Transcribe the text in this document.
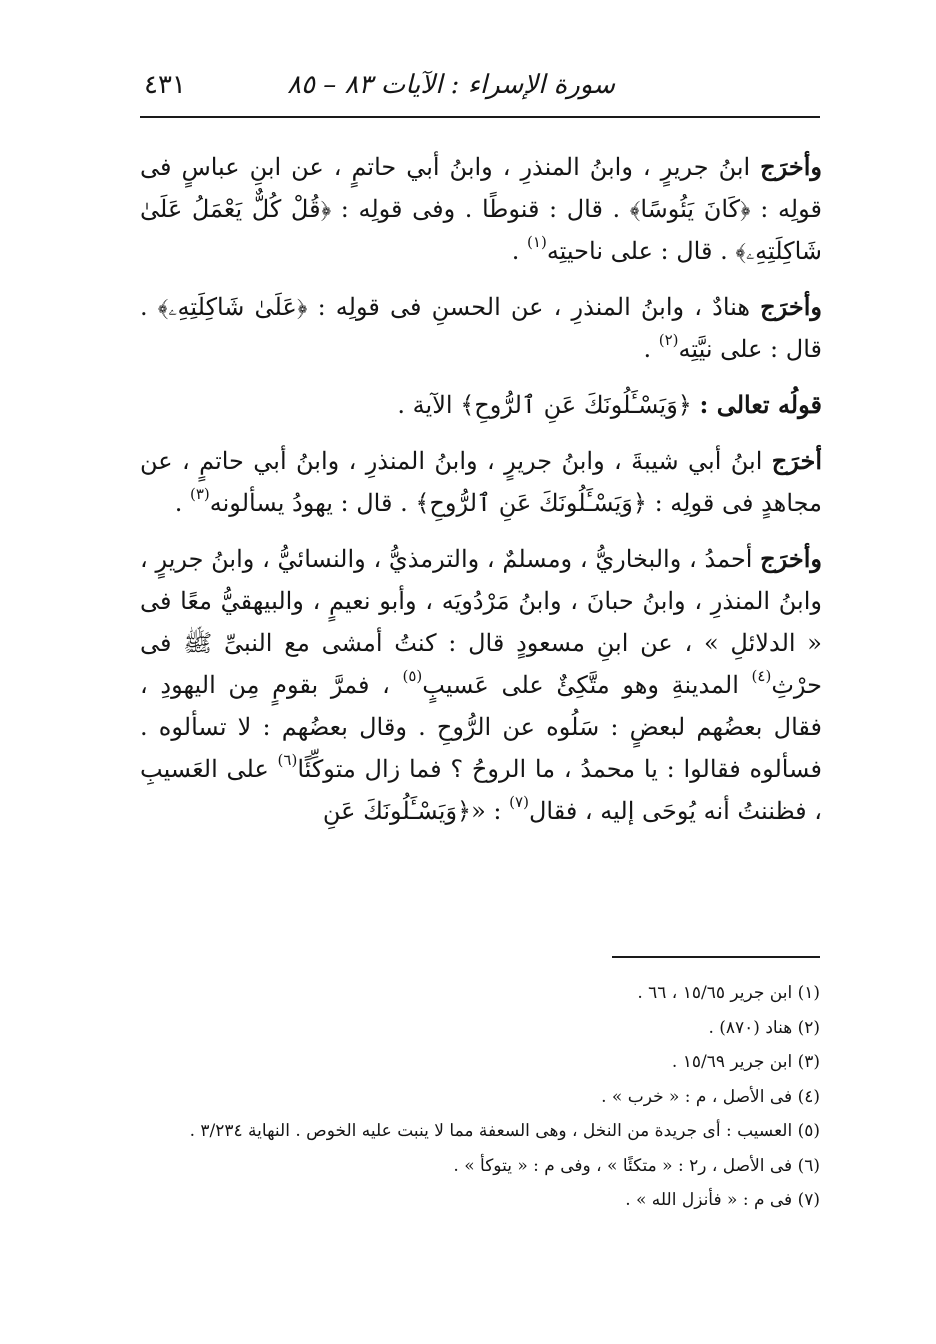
سورة الإسراء : الآيات ٨٣ – ٨٥
٤٣١

وأخرَج ابنُ جريرٍ ، وابنُ المنذرِ ، وابنُ أبي حاتمٍ ، عن ابنِ عباسٍ فى قولِه : ﴿كَانَ يَئُوسًا﴾ . قال : قنوطًا . وفى قولِه : ﴿قُلْ كُلٌّ يَعْمَلُ عَلَىٰ شَاكِلَتِهِۦ﴾ . قال : على ناحيتِه$^{(١)}$ .

وأخرَج هنادٌ ، وابنُ المنذرِ ، عن الحسنِ فى قولِه : ﴿عَلَىٰ شَاكِلَتِهِۦ﴾ . قال : على نيَّتِه$^{(٢)}$ .

قولُه تعالى : ﴿وَيَسْـَٔلُونَكَ عَنِ ٱلرُّوحِ﴾ الآية .

أخرَج ابنُ أبي شيبةَ ، وابنُ جريرٍ ، وابنُ المنذرِ ، وابنُ أبي حاتمٍ ، عن مجاهدٍ فى قولِه : ﴿وَيَسْـَٔلُونَكَ عَنِ ٱلرُّوحِ﴾ . قال : يهودُ يسألونه$^{(٣)}$ .

وأخرَج أحمدُ ، والبخاريُّ ، ومسلمٌ ، والترمذيُّ ، والنسائيُّ ، وابنُ جريرٍ ، وابنُ المنذرِ ، وابنُ حبانَ ، وابنُ مَرْدُويَه ، وأبو نعيمٍ ، والبيهقيُّ معًا فى « الدلائلِ » ، عن ابنِ مسعودٍ قال : كنتُ أمشى مع النبىِّ ﷺ فى حرْثِ$^{(٤)}$ المدينةِ وهو متَّكِئٌ على عَسيبٍ$^{(٥)}$ ، فمرَّ بقومٍ مِن اليهودِ ، فقال بعضُهم لبعضٍ : سَلُوه عن الرُّوحِ . وقال بعضُهم : لا تسألوه . فسألوه فقالوا : يا محمدُ ، ما الروحُ ؟ فما زال متوكِّئًا$^{(٦)}$ على العَسيبِ ، فظننتُ أنه يُوحَى إليه ، فقال$^{(٧)}$ : «﴿وَيَسْـَٔلُونَكَ عَنِ

(١) ابن جرير ١٥/٦٥ ، ٦٦ .
(٢) هناد (٨٧٠) .
(٣) ابن جرير ١٥/٦٩ .
(٤) فى الأصل ، م : « خرب » .
(٥) العسيب : أى جريدة من النخل ، وهى السعفة مما لا ينبت عليه الخوص . النهاية ٣/٢٣٤ .
(٦) فى الأصل ، ر٢ : « متكئًا » ، وفى م : « يتوكأ » .
(٧) فى م : « فأنزل الله » .
